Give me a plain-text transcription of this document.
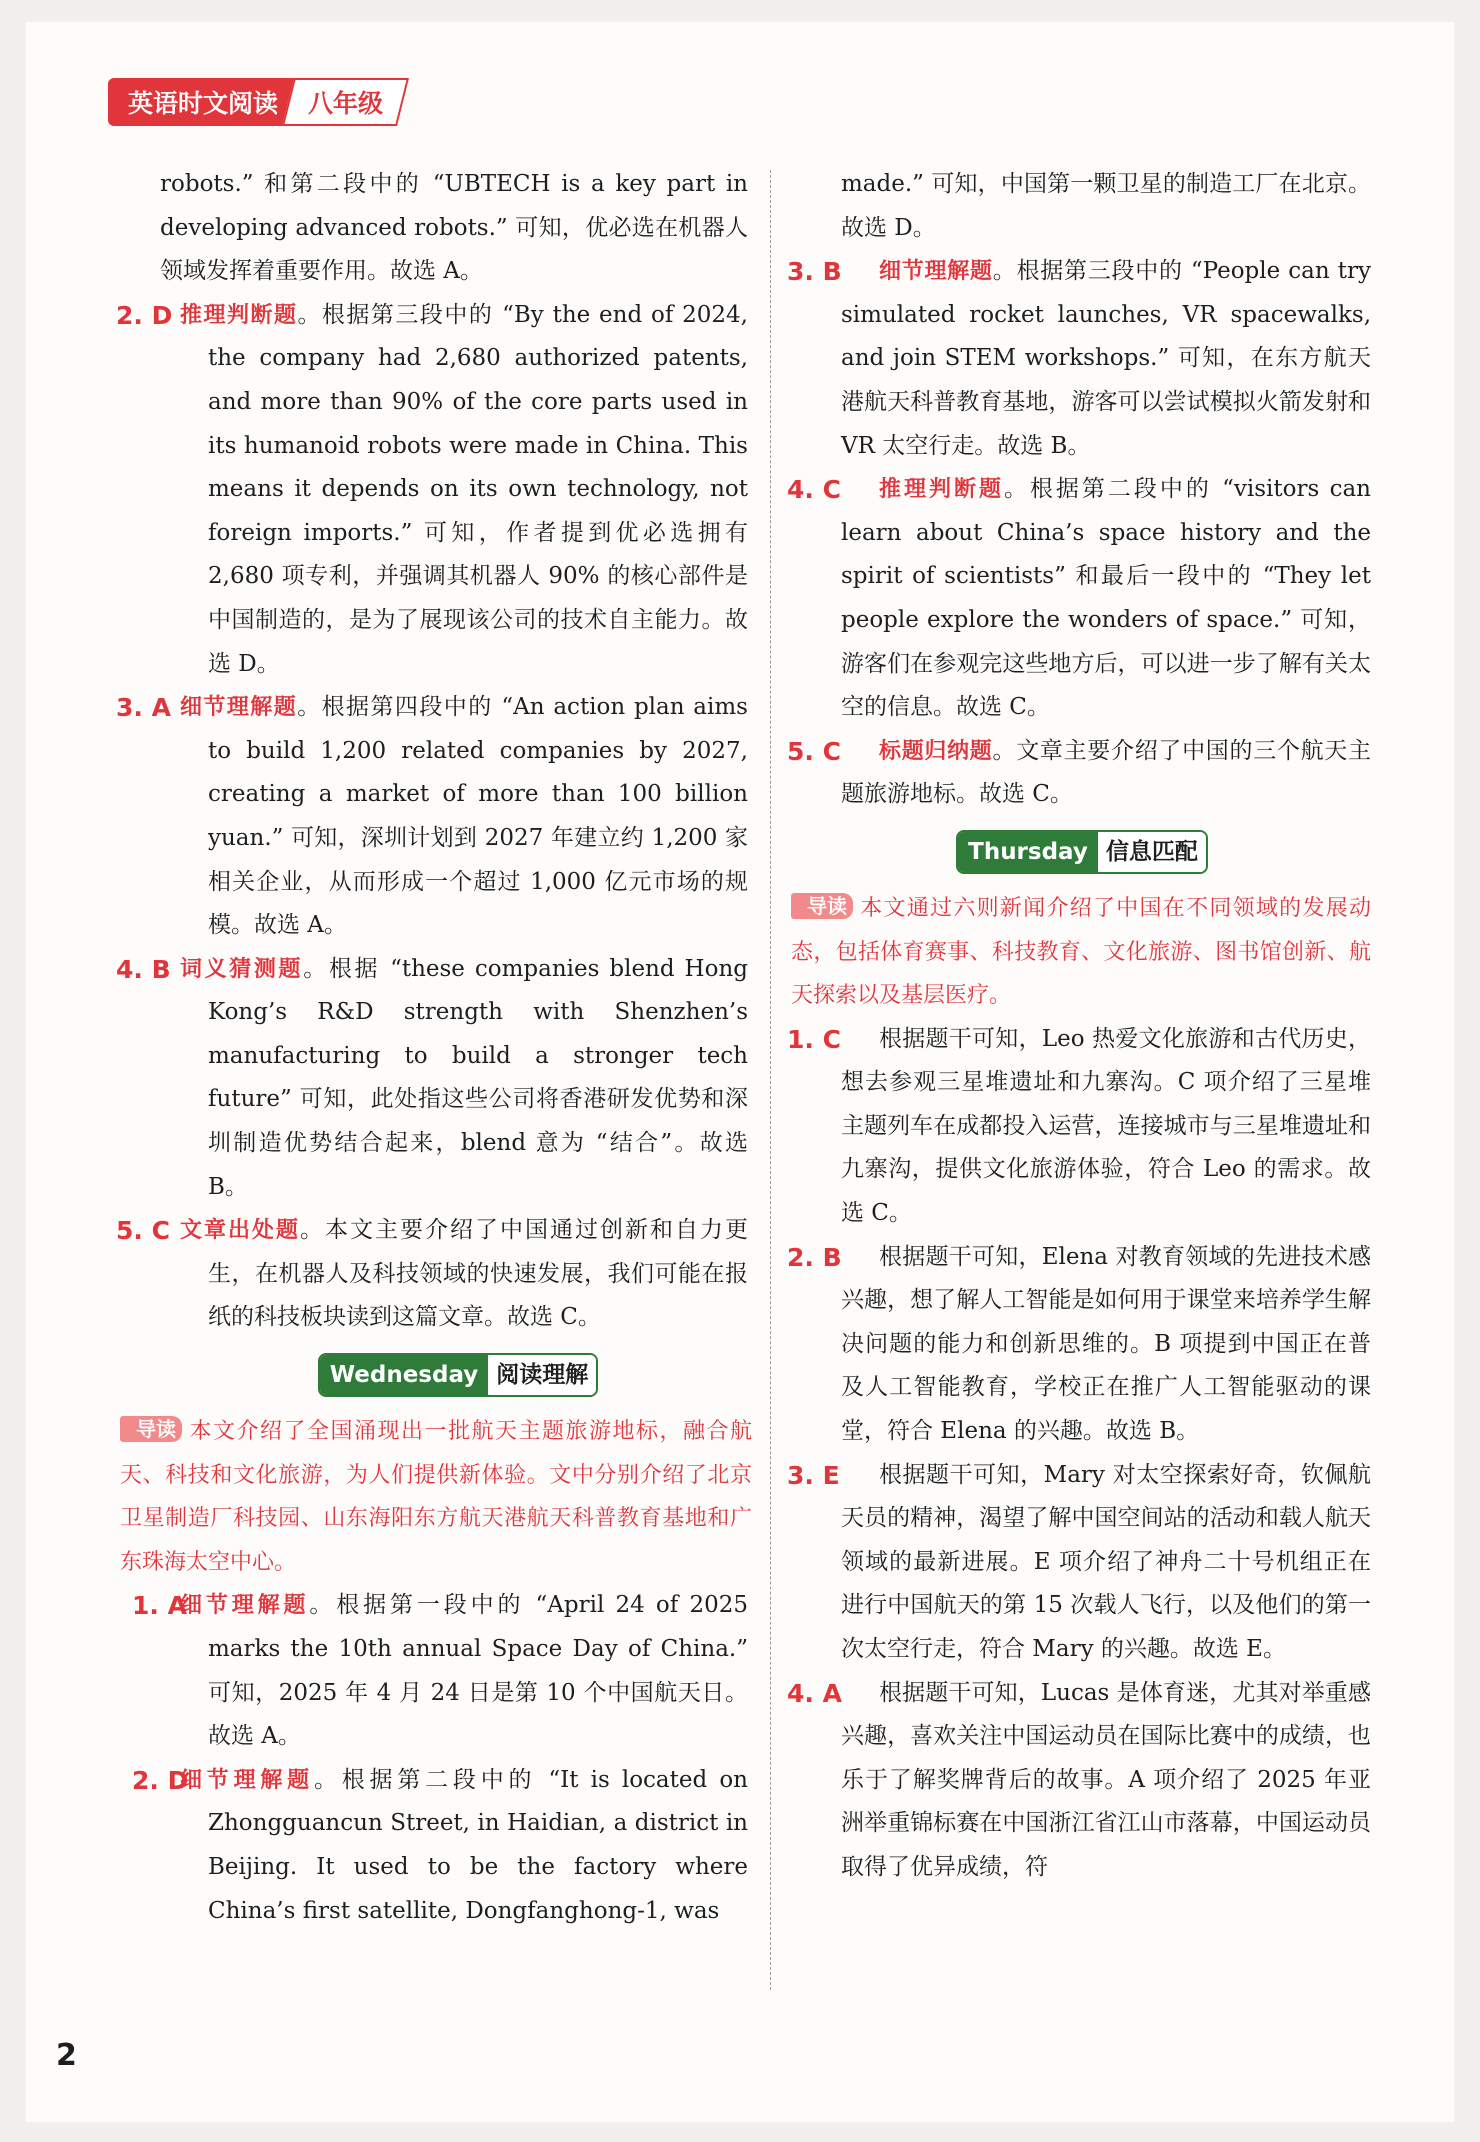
英语时文阅读	八年级

robots.” 和第二段中的 “UBTECH is a key part in developing advanced robots.” 可知，优必选在机器人领域发挥着重要作用。故选 A。

2. D 推理判断题。根据第三段中的 “By the end of 2024, the company had 2,680 authorized patents, and more than 90% of the core parts used in its humanoid robots were made in China. This means it depends on its own technology, not foreign imports.” 可知，作者提到优必选拥有 2,680 项专利，并强调其机器人 90% 的核心部件是中国制造的，是为了展现该公司的技术自主能力。故选 D。
3. A 细节理解题。根据第四段中的 “An action plan aims to build 1,200 related companies by 2027, creating a market of more than 100 billion yuan.” 可知，深圳计划到 2027 年建立约 1,200 家相关企业，从而形成一个超过 1,000 亿元市场的规模。故选 A。
4. B 词义猜测题。根据 “these companies blend Hong Kong’s R&D strength with Shenzhen’s manufacturing to build a stronger tech future” 可知，此处指这些公司将香港研发优势和深圳制造优势结合起来，blend 意为 “结合”。故选 B。
5. C 文章出处题。本文主要介绍了中国通过创新和自力更生，在机器人及科技领域的快速发展，我们可能在报纸的科技板块读到这篇文章。故选 C。
Wednesday 阅读理解

导读 本文介绍了全国涌现出一批航天主题旅游地标，融合航天、科技和文化旅游，为人们提供新体验。文中分别介绍了北京卫星制造厂科技园、山东海阳东方航天港航天科普教育基地和广东珠海太空中心。

1. A
细节理解题。根据第一段中的 “April 24 of 2025 marks the 10th annual Space Day of China.” 可知，2025 年 4 月 24 日是第 10 个中国航天日。故选 A。
2. D
细节理解题。根据第二段中的 “It is located on Zhongguancun Street, in Haidian, a district in Beijing. It used to be the factory where China’s first satellite, Dongfanghong-1, was

made.” 可知，中国第一颗卫星的制造工厂在北京。故选 D。

3. B 细节理解题。根据第三段中的 “People can try simulated rocket launches, VR spacewalks, and join STEM workshops.” 可知，在东方航天港航天科普教育基地，游客可以尝试模拟火箭发射和 VR 太空行走。故选 B。
4. C 推理判断题。根据第二段中的 “visitors can learn about China’s space history and the spirit of scientists” 和最后一段中的 “They let people explore the wonders of space.” 可知，游客们在参观完这些地方后，可以进一步了解有关太空的信息。故选 C。
5. C 标题归纳题。文章主要介绍了中国的三个航天主题旅游地标。故选 C。
Thursday 信息匹配

导读 本文通过六则新闻介绍了中国在不同领域的发展动态，包括体育赛事、科技教育、文化旅游、图书馆创新、航天探索以及基层医疗。

1. C 根据题干可知，Leo 热爱文化旅游和古代历史，想去参观三星堆遗址和九寨沟。C 项介绍了三星堆主题列车在成都投入运营，连接城市与三星堆遗址和九寨沟，提供文化旅游体验，符合 Leo 的需求。故选 C。
2. B 根据题干可知，Elena 对教育领域的先进技术感兴趣，想了解人工智能是如何用于课堂来培养学生解决问题的能力和创新思维的。B 项提到中国正在普及人工智能教育，学校正在推广人工智能驱动的课堂，符合 Elena 的兴趣。故选 B。
3. E 根据题干可知，Mary 对太空探索好奇，钦佩航天员的精神，渴望了解中国空间站的活动和载人航天领域的最新进展。E 项介绍了神舟二十号机组正在进行中国航天的第 15 次载人飞行，以及他们的第一次太空行走，符合 Mary 的兴趣。故选 E。
4. A 根据题干可知，Lucas 是体育迷，尤其对举重感兴趣，喜欢关注中国运动员在国际比赛中的成绩，也乐于了解奖牌背后的故事。A 项介绍了 2025 年亚洲举重锦标赛在中国浙江省江山市落幕，中国运动员取得了优异成绩，符
2
